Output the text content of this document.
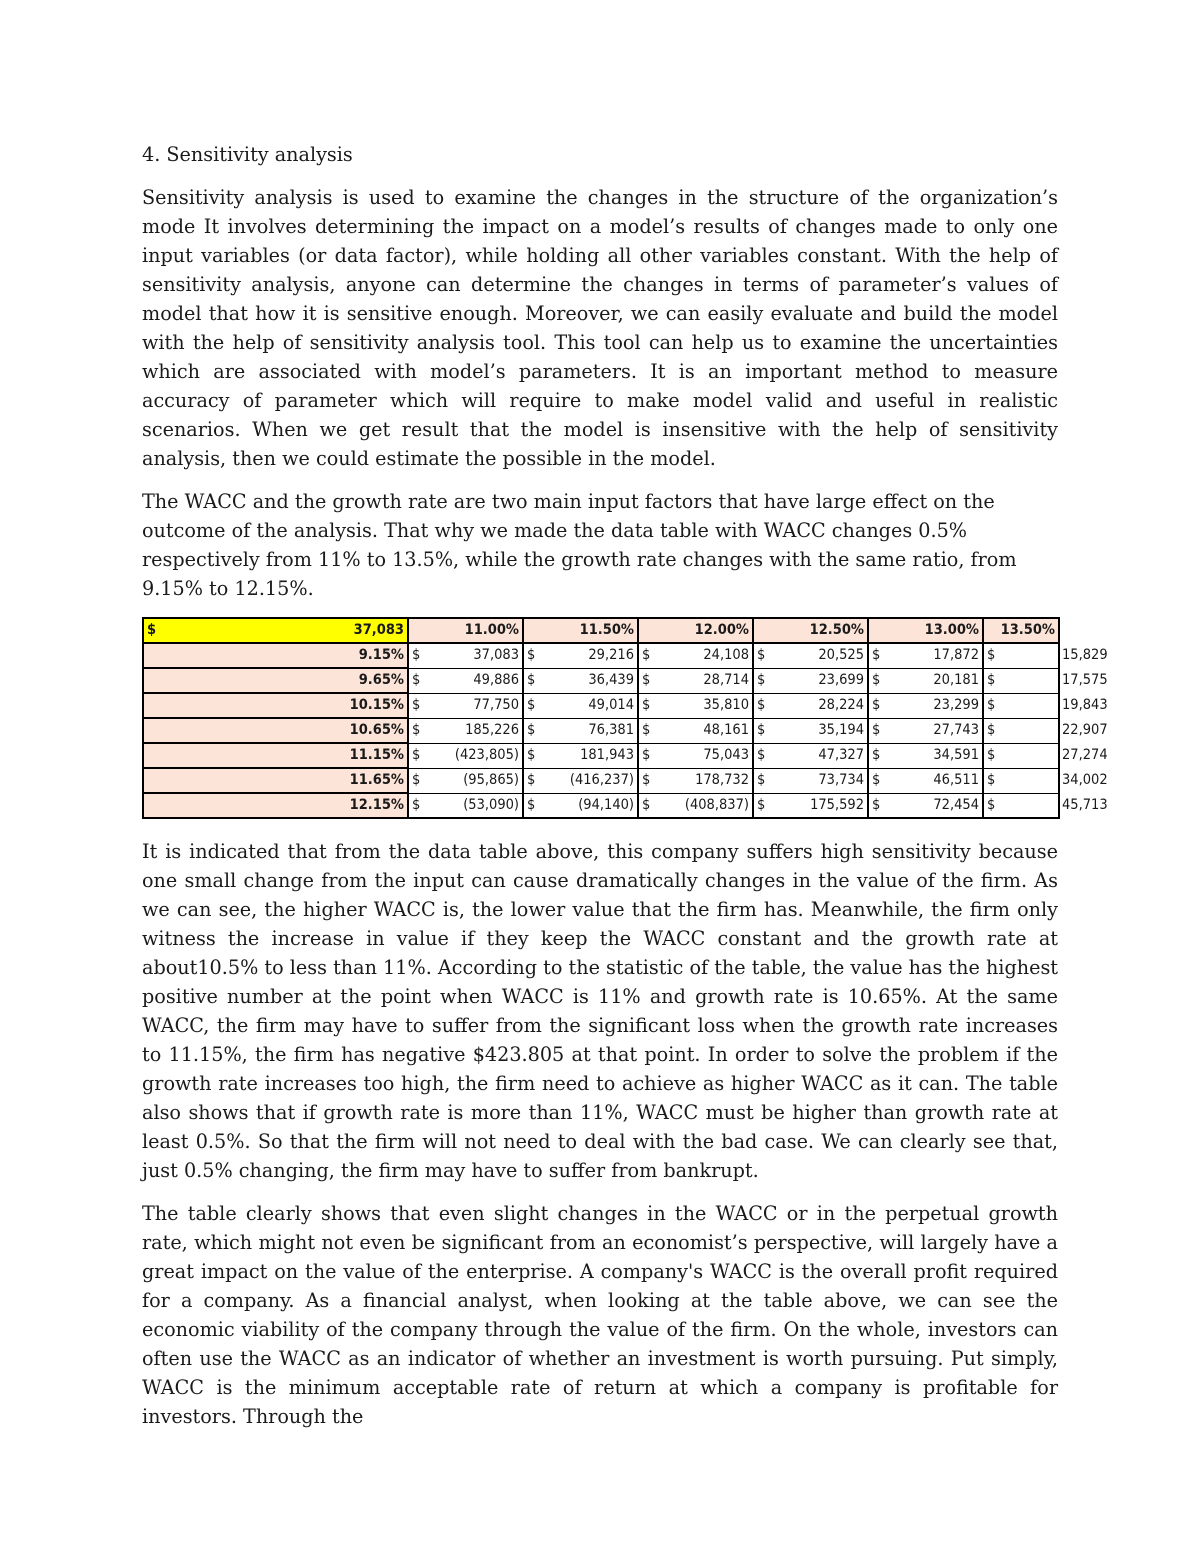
4. Sensitivity analysis

Sensitivity analysis is used to examine the changes in the structure of the organization’s mode It involves determining the impact on a model’s results of changes made to only one input variables (or data factor), while holding all other variables constant. With the help of sensitivity analysis, anyone can determine the changes in terms of parameter’s values of model that how it is sensitive enough. Moreover, we can easily evaluate and build the model with the help of sensitivity analysis tool. This tool can help us to examine the uncertainties which are associated with model’s parameters. It is an important method to measure accuracy of parameter which will require to make model valid and useful in realistic scenarios. When we get result that the model is insensitive with the help of sensitivity analysis, then we could estimate the possible in the model.

The WACC and the growth rate are two main input factors that have large effect on the outcome of the analysis. That why we made the data table with WACC changes 0.5% respectively from 11% to 13.5%, while the growth rate changes with the same ratio, from 9.15% to 12.15%.

$	37,083	11.00%		11.50%		12.00%		12.50%		13.00%		13.50%	
9.15%		$	37,083	$	29,216	$	24,108	$	20,525	$	17,872	$	15,829
9.65%		$	49,886	$	36,439	$	28,714	$	23,699	$	20,181	$	17,575
10.15%		$	77,750	$	49,014	$	35,810	$	28,224	$	23,299	$	19,843
10.65%		$	185,226	$	76,381	$	48,161	$	35,194	$	27,743	$	22,907
11.15%		$	(423,805)	$	181,943	$	75,043	$	47,327	$	34,591	$	27,274
11.65%		$	(95,865)	$	(416,237)	$	178,732	$	73,734	$	46,511	$	34,002
12.15%		$	(53,090)	$	(94,140)	$	(408,837)	$	175,592	$	72,454	$	45,713

It is indicated that from the data table above, this company suffers high sensitivity because one small change from the input can cause dramatically changes in the value of the firm. As we can see, the higher WACC is, the lower value that the firm has. Meanwhile, the firm only witness the increase in value if they keep the WACC constant and the growth rate at about10.5% to less than 11%. According to the statistic of the table, the value has the highest positive number at the point when WACC is 11% and growth rate is 10.65%. At the same WACC, the firm may have to suffer from the significant loss when the growth rate increases to 11.15%, the firm has negative $423.805 at that point. In order to solve the problem if the growth rate increases too high, the firm need to achieve as higher WACC as it can. The table also shows that if growth rate is more than 11%, WACC must be higher than growth rate at least 0.5%. So that the firm will not need to deal with the bad case. We can clearly see that, just 0.5% changing, the firm may have to suffer from bankrupt.

The table clearly shows that even slight changes in the WACC or in the perpetual growth rate, which might not even be significant from an economist’s perspective, will largely have a great impact on the value of the enterprise. A company's WACC is the overall profit required for a company. As a financial analyst, when looking at the table above, we can see the economic viability of the company through the value of the firm. On the whole, investors can often use the WACC as an indicator of whether an investment is worth pursuing. Put simply, WACC is the minimum acceptable rate of return at which a company is profitable for investors. Through the
